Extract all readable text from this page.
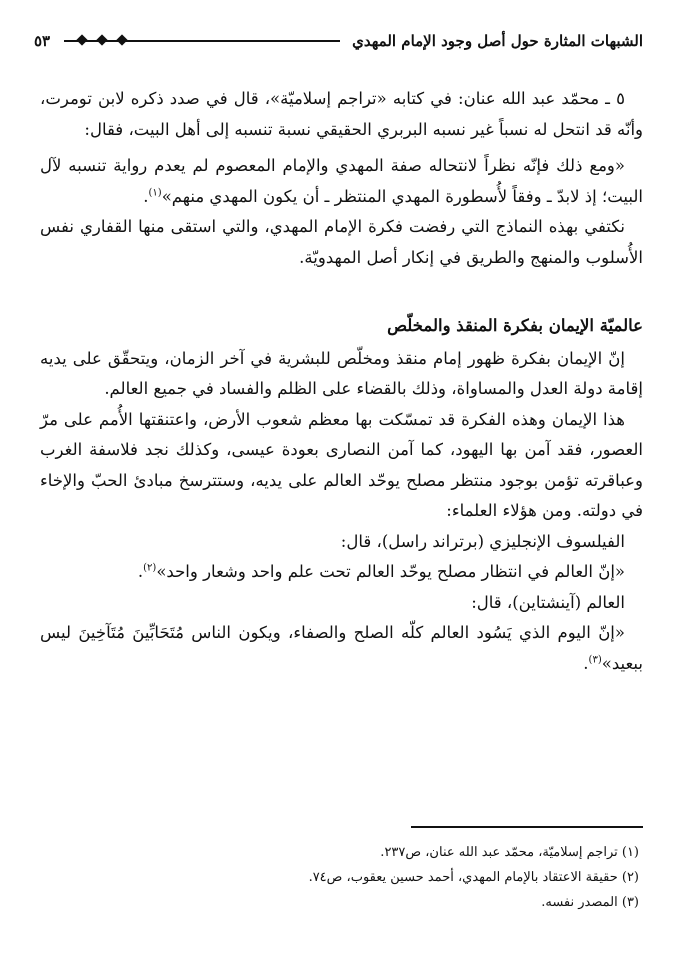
الشبهات المثارة حول أصل وجود الإمام المهدي
٥٣

٥ ـ محمّد عبد الله عنان: في كتابه «تراجم إسلاميّة»، قال في صدد ذكره لابن تومرت، وأنّه قد انتحل له نسباً غير نسبه البربري الحقيقي نسبة تنسبه إلى أهل البيت، فقال:

«ومع ذلك فإنّه نظراً لانتحاله صفة المهدي والإمام المعصوم لم يعدم رواية تنسبه لآل البيت؛ إذ لابدّ ـ وفقاً لأُسطورة المهدي المنتظر ـ أن يكون المهدي منهم»$^{(١)}$.

نكتفي بهذه النماذج التي رفضت فكرة الإمام المهدي، والتي استقى منها القفاري نفس الأُسلوب والمنهج والطريق في إنكار أصل المهدويّة.

عالميّة الإيمان بفكرة المنقذ والمخلّص

إنّ الإيمان بفكرة ظهور إمام منقذ ومخلّص للبشرية في آخر الزمان، ويتحقّق على يديه إقامة دولة العدل والمساواة، وذلك بالقضاء على الظلم والفساد في جميع العالم.

هذا الإيمان وهذه الفكرة قد تمسّكت بها معظم شعوب الأرض، واعتنقتها الأُمم على مرّ العصور، فقد آمن بها اليهود، كما آمن النصارى بعودة عيسى، وكذلك نجد فلاسفة الغرب وعباقرته تؤمن بوجود منتظر مصلح يوحّد العالم على يديه، وستترسخ مبادئ الحبّ والإخاء في دولته. ومن هؤلاء العلماء:

الفيلسوف الإنجليزي (برتراند راسل)، قال:

«إنّ العالم في انتظار مصلح يوحّد العالم تحت علم واحد وشعار واحد»$^{(٢)}$.

العالم (آينشتاين)، قال:

«إنّ اليوم الذي يَسُود العالم كلّه الصلح والصفاء، ويكون الناس مُتَحَابِّينَ مُتَآخِينَ ليس ببعيد»$^{(٣)}$.

(١) تراجم إسلاميّة، محمّد عبد الله عنان، ص٢٣٧.

(٢) حقيقة الاعتقاد بالإمام المهدي، أحمد حسين يعقوب، ص٧٤.

(٣) المصدر نفسه.
